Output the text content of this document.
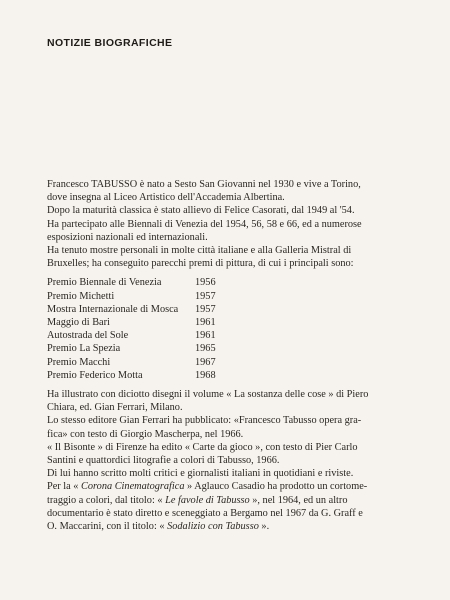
NOTIZIE BIOGRAFICHE

Francesco TABUSSO è nato a Sesto San Giovanni nel 1930 e vive a Torino,

dove insegna al Liceo Artistico dell'Accademia Albertina.

Dopo la maturità classica è stato allievo di Felice Casorati, dal 1949 al '54.

Ha partecipato alle Biennali di Venezia del 1954, 56, 58 e 66, ed a numerose

esposizioni nazionali ed internazionali.

Ha tenuto mostre personali in molte città italiane e alla Galleria Mistral di

Bruxelles; ha conseguito parecchi premi di pittura, di cui i principali sono:

Premio Biennale di Venezia	1956
Premio Michetti	1957
Mostra Internazionale di Mosca	1957
Maggio di Bari	1961
Autostrada del Sole	1961
Premio La Spezia	1965
Premio Macchi	1967
Premio Federico Motta	1968

Ha illustrato con diciotto disegni il volume « La sostanza delle cose » di Piero

Chiara, ed. Gian Ferrari, Milano.

Lo stesso editore Gian Ferrari ha pubblicato: «Francesco Tabusso opera gra-

fica» con testo di Giorgio Mascherpa, nel 1966.

« Il Bisonte » di Firenze ha edito « Carte da gioco », con testo di Pier Carlo

Santini e quattordici litografie a colori di Tabusso, 1966.

Di lui hanno scritto molti critici e giornalisti italiani in quotidiani e riviste.

Per la « Corona Cinematografica » Aglauco Casadio ha prodotto un cortome-

traggio a colori, dal titolo: « Le favole di Tabusso », nel 1964, ed un altro

documentario è stato diretto e sceneggiato a Bergamo nel 1967 da G. Graff e

O. Maccarini, con il titolo: « Sodalizio con Tabusso ».
